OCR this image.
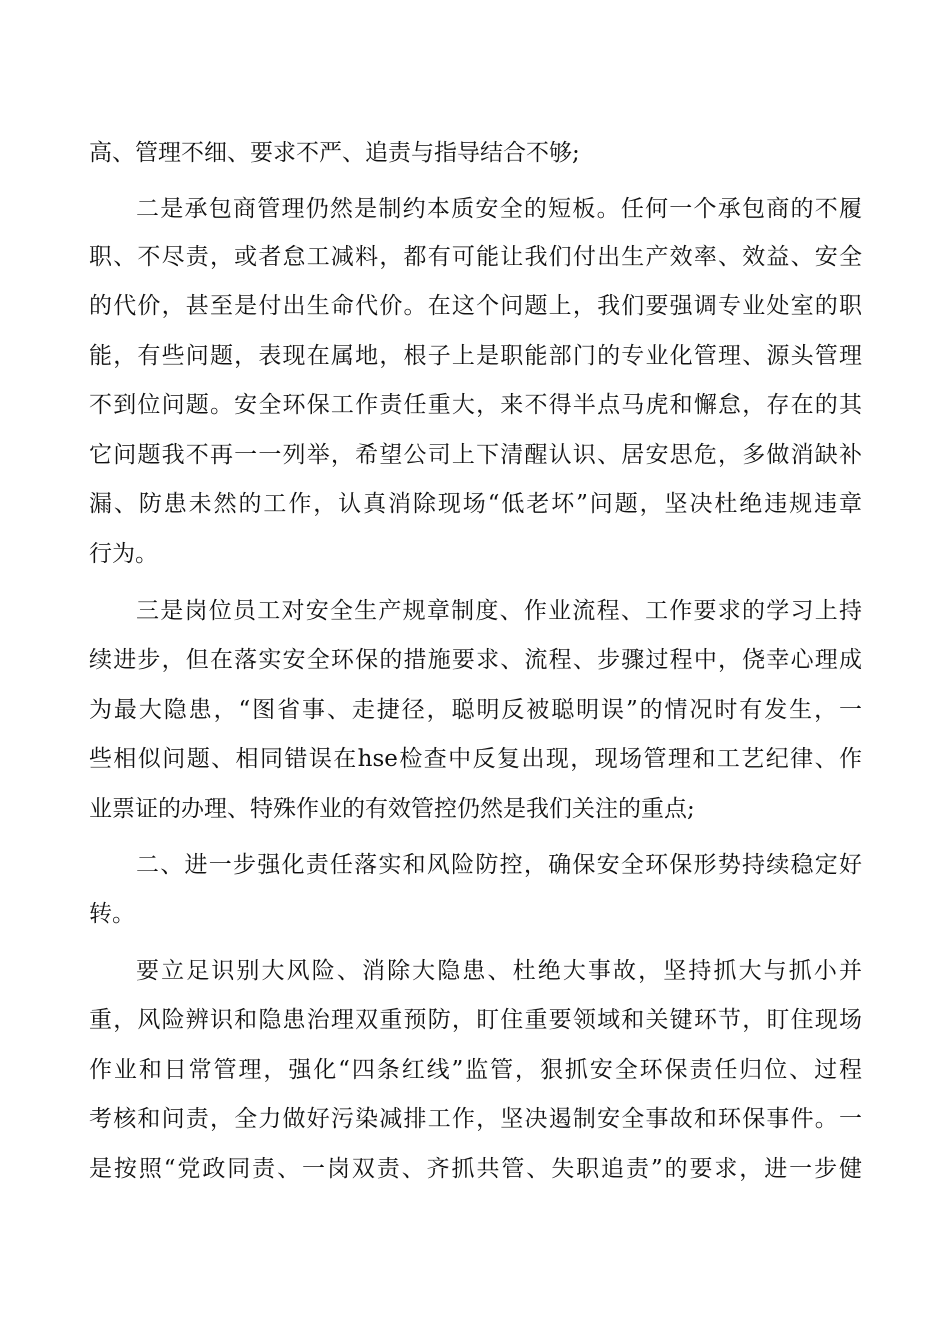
高、管理不细、要求不严、追责与指导结合不够;
二是承包商管理仍然是制约本质安全的短板。任何一个承包商的不履
职、不尽责，或者怠工减料，都有可能让我们付出生产效率、效益、安全
的代价，甚至是付出生命代价。在这个问题上，我们要强调专业处室的职
能，有些问题，表现在属地，根子上是职能部门的专业化管理、源头管理
不到位问题。安全环保工作责任重大，来不得半点马虎和懈怠，存在的其
它问题我不再一一列举，希望公司上下清醒认识、居安思危，多做消缺补
漏、防患未然的工作，认真消除现场“低老坏”问题，坚决杜绝违规违章
行为。
三是岗位员工对安全生产规章制度、作业流程、工作要求的学习上持
续进步，但在落实安全环保的措施要求、流程、步骤过程中，侥幸心理成
为最大隐患，“图省事、走捷径，聪明反被聪明误”的情况时有发生，一
些相似问题、相同错误在hse检查中反复出现，现场管理和工艺纪律、作
业票证的办理、特殊作业的有效管控仍然是我们关注的重点;
二、进一步强化责任落实和风险防控，确保安全环保形势持续稳定好
转。
要立足识别大风险、消除大隐患、杜绝大事故，坚持抓大与抓小并
重，风险辨识和隐患治理双重预防，盯住重要领域和关键环节，盯住现场
作业和日常管理，强化“四条红线”监管，狠抓安全环保责任归位、过程
考核和问责，全力做好污染减排工作，坚决遏制安全事故和环保事件。一
是按照“党政同责、一岗双责、齐抓共管、失职追责”的要求，进一步健
